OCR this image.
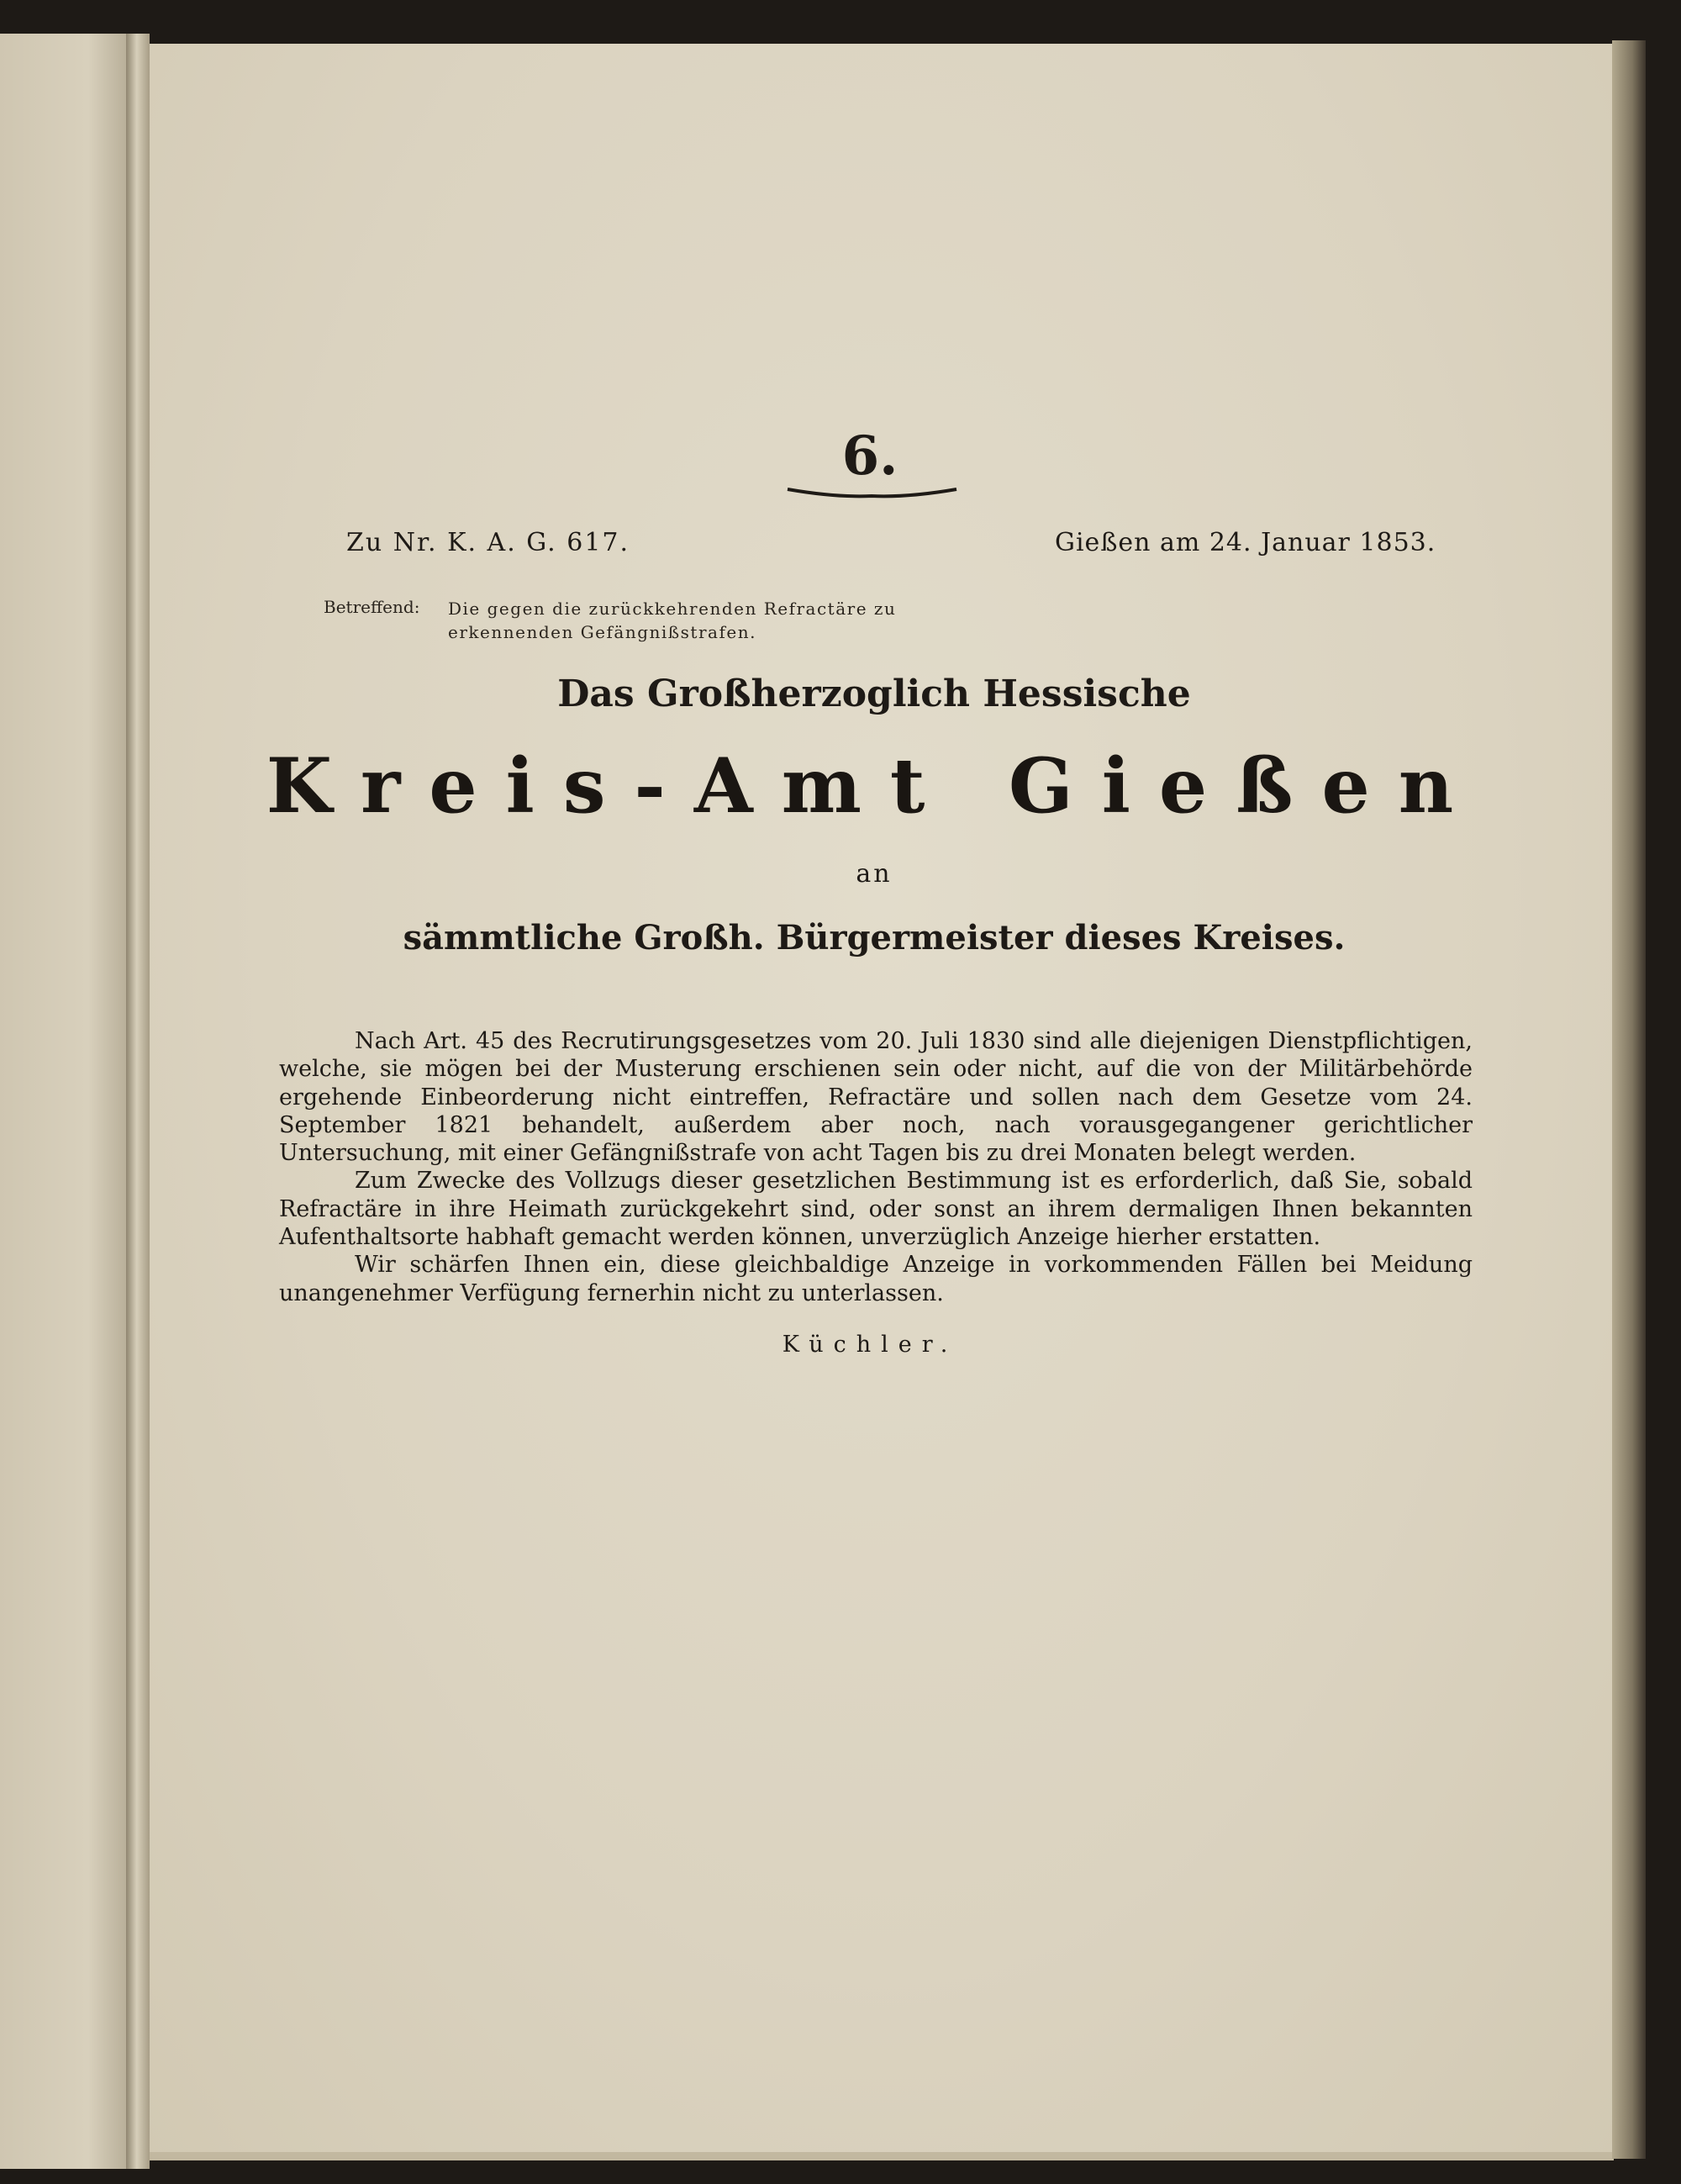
6.
Zu Nr. K. A. G. 617.	Gießen am 24. Januar 1853.
Betreffend: Die gegen die zurückkehrenden Refractäre zu erkennenden Gefängnißstrafen.
Das Großherzoglich Hessische
Kreis-Amt Gießen
an
sämmtliche Großh. Bürgermeister dieses Kreises.

Nach Art. 45 des Recrutirungsgesetzes vom 20. Juli 1830 sind alle diejenigen Dienstpflichtigen, welche, sie mögen bei der Musterung erschienen sein oder nicht, auf die von der Militärbehörde ergehende Einbeorderung nicht eintreffen, Refractäre und sollen nach dem Gesetze vom 24. September 1821 behandelt, außerdem aber noch, nach vorausgegangener gerichtlicher Untersuchung, mit einer Gefängnißstrafe von acht Tagen bis zu drei Monaten belegt werden.

Zum Zwecke des Vollzugs dieser gesetzlichen Bestimmung ist es erforderlich, daß Sie, sobald Refractäre in ihre Heimath zurückgekehrt sind, oder sonst an ihrem dermaligen Ihnen bekannten Aufenthaltsorte habhaft gemacht werden können, unverzüglich Anzeige hierher erstatten.

Wir schärfen Ihnen ein, diese gleichbaldige Anzeige in vorkommenden Fällen bei Meidung unangenehmer Verfügung fernerhin nicht zu unterlassen.

Küchler.
